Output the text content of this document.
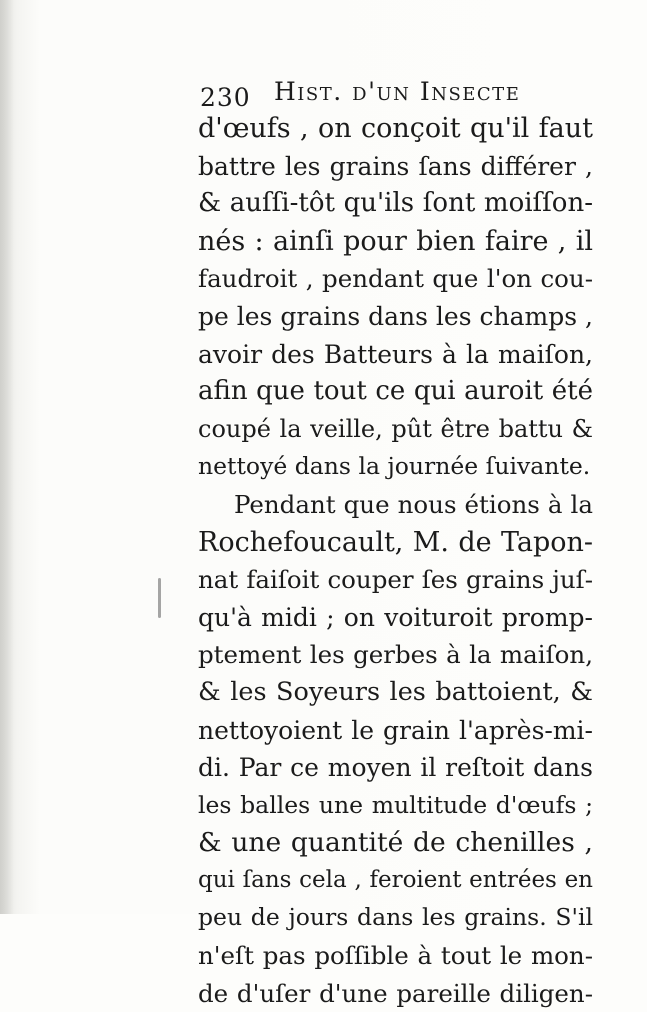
230 Hist. d'un Insecte
d'œufs , on conçoit qu'il faut
battre les grains ſans différer ,
& auſſi-tôt qu'ils ſont moiſſon-
nés : ainſi pour bien faire , il
faudroit , pendant que l'on cou-
pe les grains dans les champs ,
avoir des Batteurs à la maiſon,
afin que tout ce qui auroit été
coupé la veille, pût être battu &
nettoyé dans la journée ſuivante.
Pendant que nous étions à la
Rochefoucault, M. de Tapon-
nat faiſoit couper ſes grains juſ-
qu'à midi ; on voituroit promp-
ptement les gerbes à la maiſon,
& les Soyeurs les battoient, &
nettoyoient le grain l'après-mi-
di. Par ce moyen il reſtoit dans
les balles une multitude d'œufs ;
& une quantité de chenilles ,
qui ſans cela , feroient entrées en
peu de jours dans les grains. S'il
n'eſt pas poſſible à tout le mon-
de d'uſer d'une pareille diligen-
